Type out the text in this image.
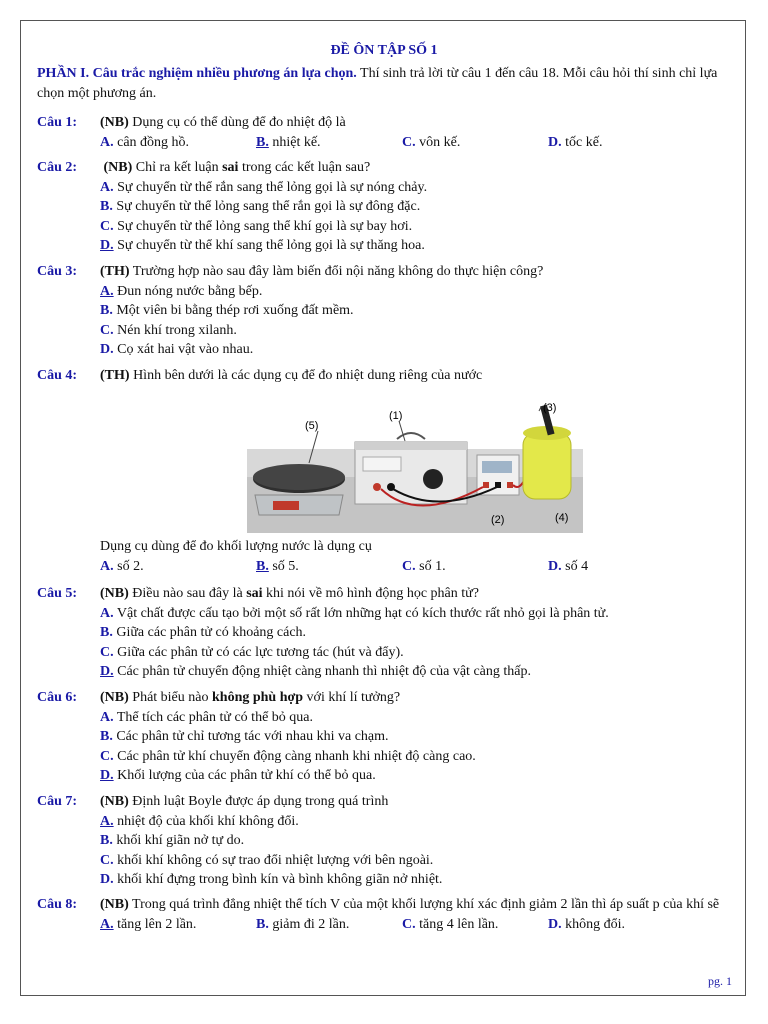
ĐỀ ÔN TẬP SỐ 1
PHẦN I. Câu trắc nghiệm nhiều phương án lựa chọn. Thí sinh trả lời từ câu 1 đến câu 18. Mỗi câu hỏi thí sinh chỉ lựa chọn một phương án.
Câu 1:	(NB) Dụng cụ có thể dùng để đo nhiệt độ là
A. cân đồng hồ.	B. nhiệt kế.	C. vôn kế.	D. tốc kế.
Câu 2:	(NB) Chỉ ra kết luận sai trong các kết luận sau?
A. Sự chuyển từ thể rắn sang thể lỏng gọi là sự nóng chảy.
B. Sự chuyển từ thể lỏng sang thể rắn gọi là sự đông đặc.
C. Sự chuyển từ thể lỏng sang thể khí gọi là sự bay hơi.
D. Sự chuyển từ thể khí sang thể lỏng gọi là sự thăng hoa.
Câu 3:	(TH) Trường hợp nào sau đây làm biến đổi nội năng không do thực hiện công?
A. Đun nóng nước bằng bếp.
B. Một viên bi bằng thép rơi xuống đất mềm.
C. Nén khí trong xilanh.
D. Cọ xát hai vật vào nhau.
Câu 4:	(TH) Hình bên dưới là các dụng cụ để đo nhiệt dung riêng của nước
(5)
(1)
(3)
(2)	(4)
Dụng cụ dùng để đo khối lượng nước là dụng cụ
A. số 2.	B. số 5.	C. số 1.	D. số 4
Câu 5:	(NB) Điều nào sau đây là sai khi nói về mô hình động học phân tử?
A. Vật chất được cấu tạo bởi một số rất lớn những hạt có kích thước rất nhỏ gọi là phân tử.
B. Giữa các phân tử có khoảng cách.
C. Giữa các phân tử có các lực tương tác (hút và đẩy).
D. Các phân tử chuyển động nhiệt càng nhanh thì nhiệt độ của vật càng thấp.
Câu 6:	(NB) Phát biểu nào không phù hợp với khí lí tưởng?
A. Thể tích các phân tử có thể bỏ qua.
B. Các phân tử chỉ tương tác với nhau khi va chạm.
C. Các phân tử khí chuyển động càng nhanh khi nhiệt độ càng cao.
D. Khối lượng của các phân tử khí có thể bỏ qua.
Câu 7:	(NB) Định luật Boyle được áp dụng trong quá trình
A. nhiệt độ của khối khí không đổi.
B. khối khí giãn nở tự do.
C. khối khí không có sự trao đổi nhiệt lượng với bên ngoài.
D. khối khí đựng trong bình kín và bình không giãn nở nhiệt.
Câu 8:	(NB) Trong quá trình đẳng nhiệt thể tích V của một khối lượng khí xác định giảm 2 lần thì áp suất p của khí sẽ
A. tăng lên 2 lần.	B. giảm đi 2 lần.	C. tăng 4 lên lần.	D. không đổi.
pg. 1
